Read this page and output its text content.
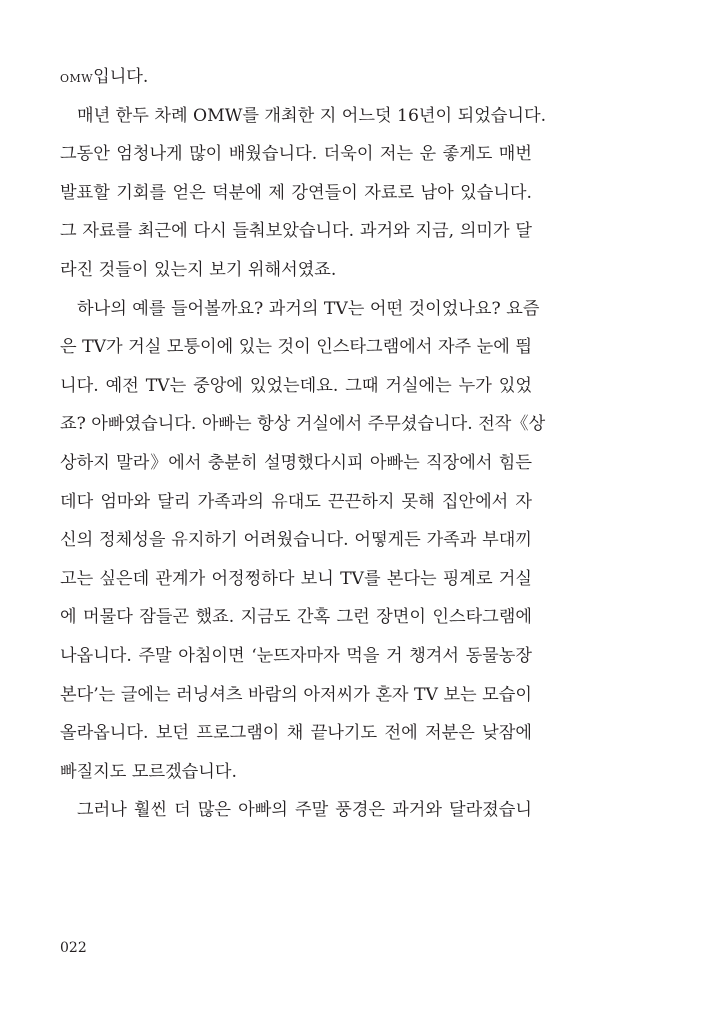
OMW입니다.
매년 한두 차례 OMW를 개최한 지 어느덧 16년이 되었습니다.
그동안 엄청나게 많이 배웠습니다. 더욱이 저는 운 좋게도 매번
발표할 기회를 얻은 덕분에 제 강연들이 자료로 남아 있습니다.
그 자료를 최근에 다시 들춰보았습니다. 과거와 지금, 의미가 달
라진 것들이 있는지 보기 위해서였죠.
하나의 예를 들어볼까요? 과거의 TV는 어떤 것이었나요? 요즘
은 TV가 거실 모퉁이에 있는 것이 인스타그램에서 자주 눈에 띕
니다. 예전 TV는 중앙에 있었는데요. 그때 거실에는 누가 있었
죠? 아빠였습니다. 아빠는 항상 거실에서 주무셨습니다. 전작《상
상하지 말라》에서 충분히 설명했다시피 아빠는 직장에서 힘든
데다 엄마와 달리 가족과의 유대도 끈끈하지 못해 집안에서 자
신의 정체성을 유지하기 어려웠습니다. 어떻게든 가족과 부대끼
고는 싶은데 관계가 어정쩡하다 보니 TV를 본다는 핑계로 거실
에 머물다 잠들곤 했죠. 지금도 간혹 그런 장면이 인스타그램에
나옵니다. 주말 아침이면 ‘눈뜨자마자 먹을 거 챙겨서 동물농장
본다’는 글에는 러닝셔츠 바람의 아저씨가 혼자 TV 보는 모습이
올라옵니다. 보던 프로그램이 채 끝나기도 전에 저분은 낮잠에
빠질지도 모르겠습니다.
그러나 훨씬 더 많은 아빠의 주말 풍경은 과거와 달라졌습니
022
